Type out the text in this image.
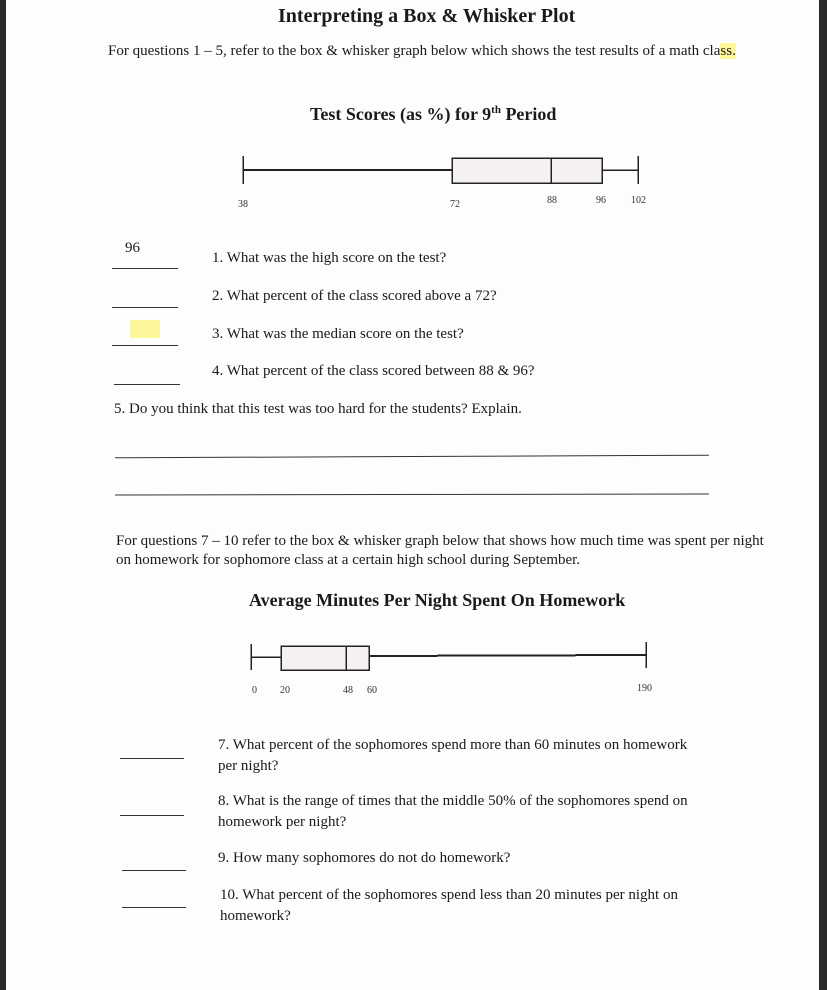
Interpreting a Box & Whisker Plot
For questions 1 – 5, refer to the box & whisker graph below which shows the test results of a math class.
Test Scores (as %) for 9th Period
38	72	88	96	102
96
1. What was the high score on the test?
2. What percent of the class scored above a 72?
3. What was the median score on the test?
4. What percent of the class scored between 88 & 96?
5. Do you think that this test was too hard for the students? Explain.
For questions 7 – 10 refer to the box & whisker graph below that shows how much time was spent per night on homework for sophomore class at a certain high school during September.
Average Minutes Per Night Spent On Homework
0 20	48 60	190
7. What percent of the sophomores spend more than 60 minutes on homework per night?
8. What is the range of times that the middle 50% of the sophomores spend on homework per night?
9. How many sophomores do not do homework?
10. What percent of the sophomores spend less than 20 minutes per night on homework?
